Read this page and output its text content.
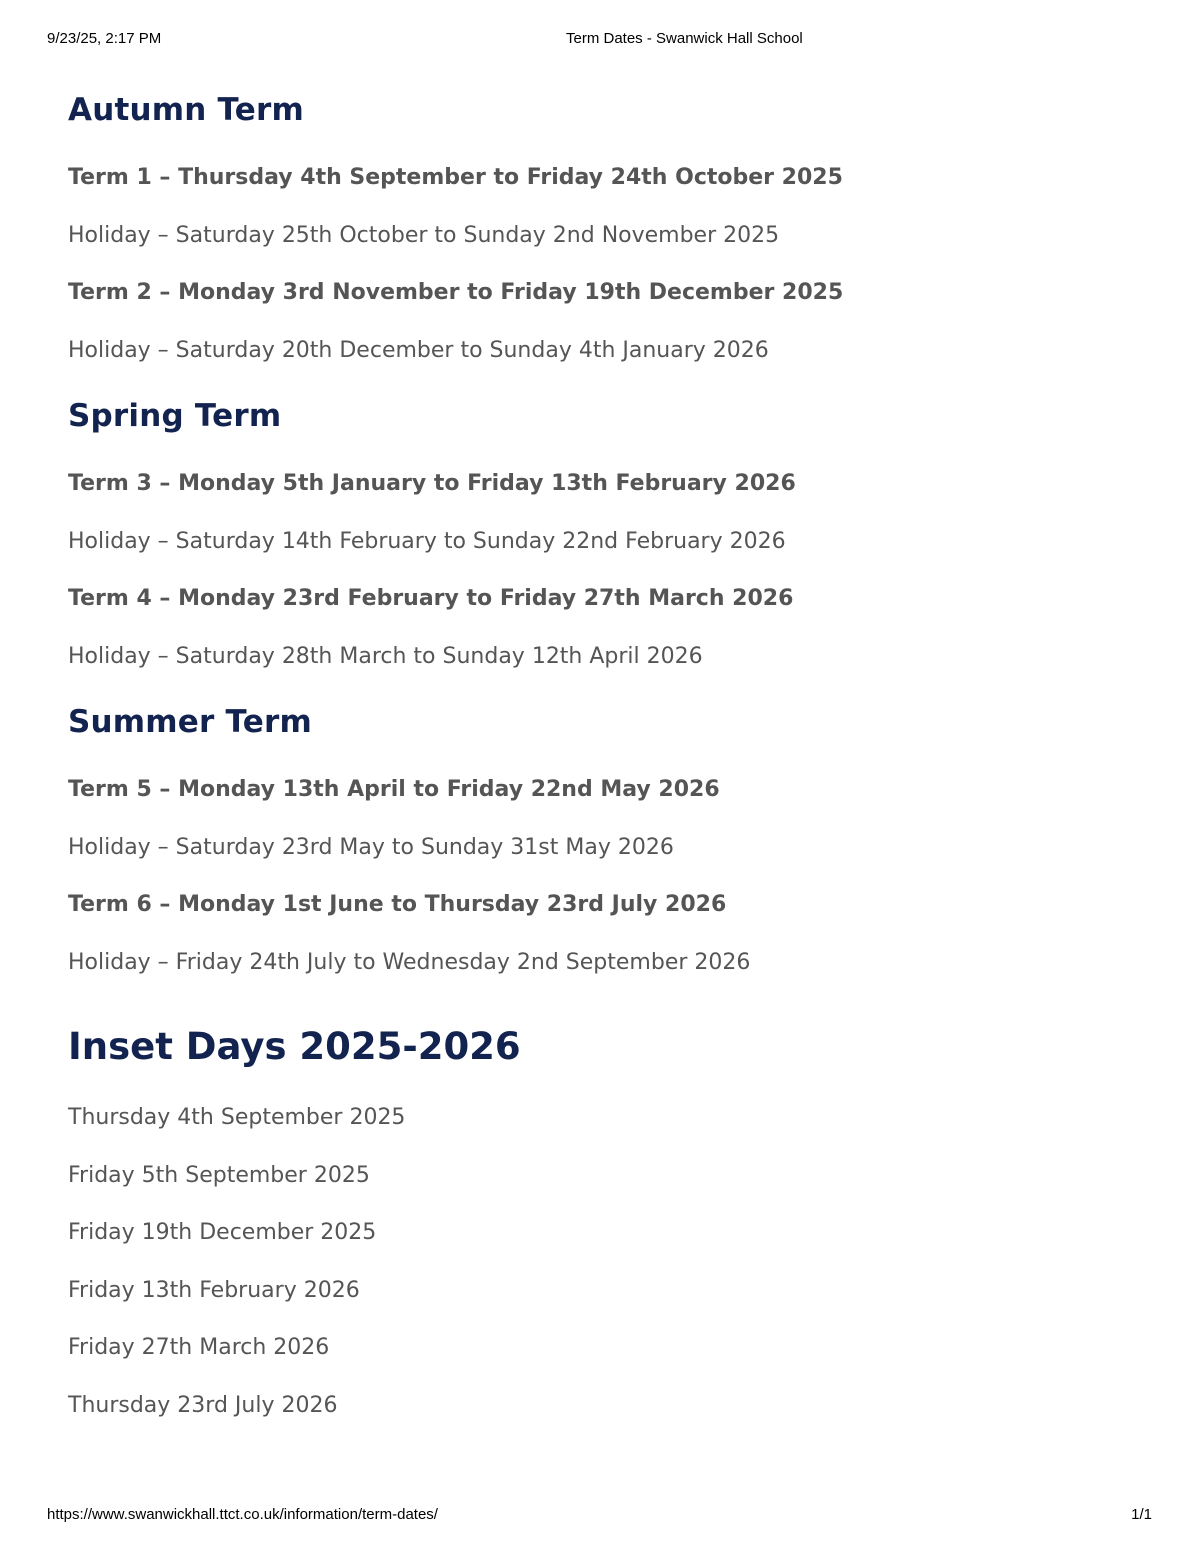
9/23/25, 2:17 PM	Term Dates - Swanwick Hall School
Autumn Term
Term 1 – Thursday 4th September to Friday 24th October 2025
Holiday – Saturday 25th October to Sunday 2nd November 2025
Term 2 – Monday 3rd November to Friday 19th December 2025
Holiday – Saturday 20th December to Sunday 4th January 2026
Spring Term
Term 3 – Monday 5th January to Friday 13th February 2026
Holiday – Saturday 14th February to Sunday 22nd February 2026
Term 4 – Monday 23rd February to Friday 27th March 2026
Holiday – Saturday 28th March to Sunday 12th April 2026
Summer Term
Term 5 – Monday 13th April to Friday 22nd May 2026
Holiday – Saturday 23rd May to Sunday 31st May 2026
Term 6 – Monday 1st June to Thursday 23rd July 2026
Holiday – Friday 24th July to Wednesday 2nd September 2026
Inset Days 2025-2026
Thursday 4th September 2025
Friday 5th September 2025
Friday 19th December 2025
Friday 13th February 2026
Friday 27th March 2026
Thursday 23rd July 2026
https://www.swanwickhall.ttct.co.uk/information/term-dates/	1/1
